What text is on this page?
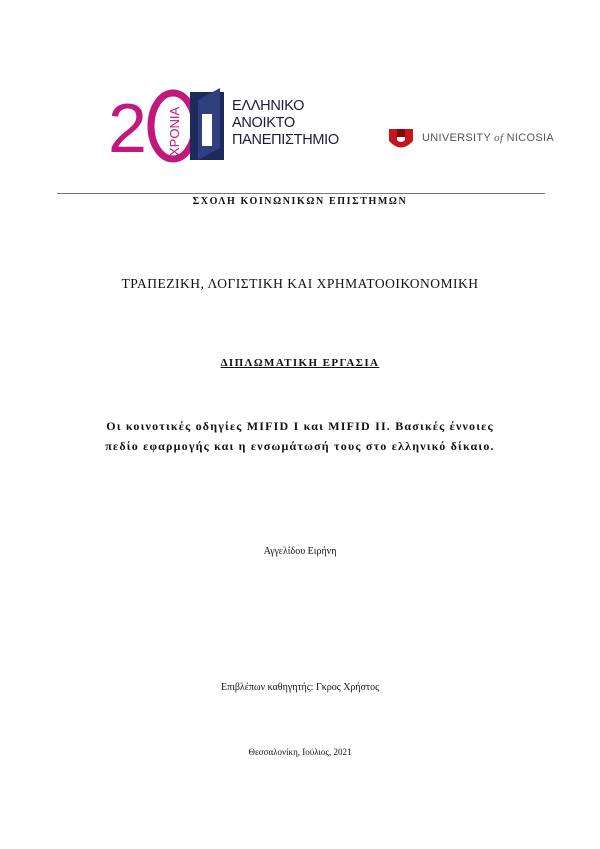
2 ΧΡΟΝΙΑ
ΕΛΛΗΝΙΚΟ
ΑΝΟΙΚΤΟ
ΠΑΝΕΠΙΣΤΗΜΙΟ	UNIVERSITY of NICOSIA
ΣΧΟΛΗ ΚΟΙΝΩΝΙΚΩΝ ΕΠΙΣΤΗΜΩΝ
ΤΡΑΠΕΖΙΚΗ, ΛΟΓΙΣΤΙΚΗ ΚΑΙ ΧΡΗΜΑΤΟΟΙΚΟΝΟΜΙΚΗ
ΔΙΠΛΩΜΑΤΙΚΗ ΕΡΓΑΣΙΑ
Οι κοινοτικές οδηγίες MIFID I και MIFID II. Βασικές έννοιες
πεδίο εφαρμογής και η ενσωμάτωσή τους στο ελληνικό δίκαιο.
Αγγελίδου Ειρήνη
Επιβλέπων καθηγητής: Γκρος Χρήστος
Θεσσαλονίκη, Ιούλιος, 2021
